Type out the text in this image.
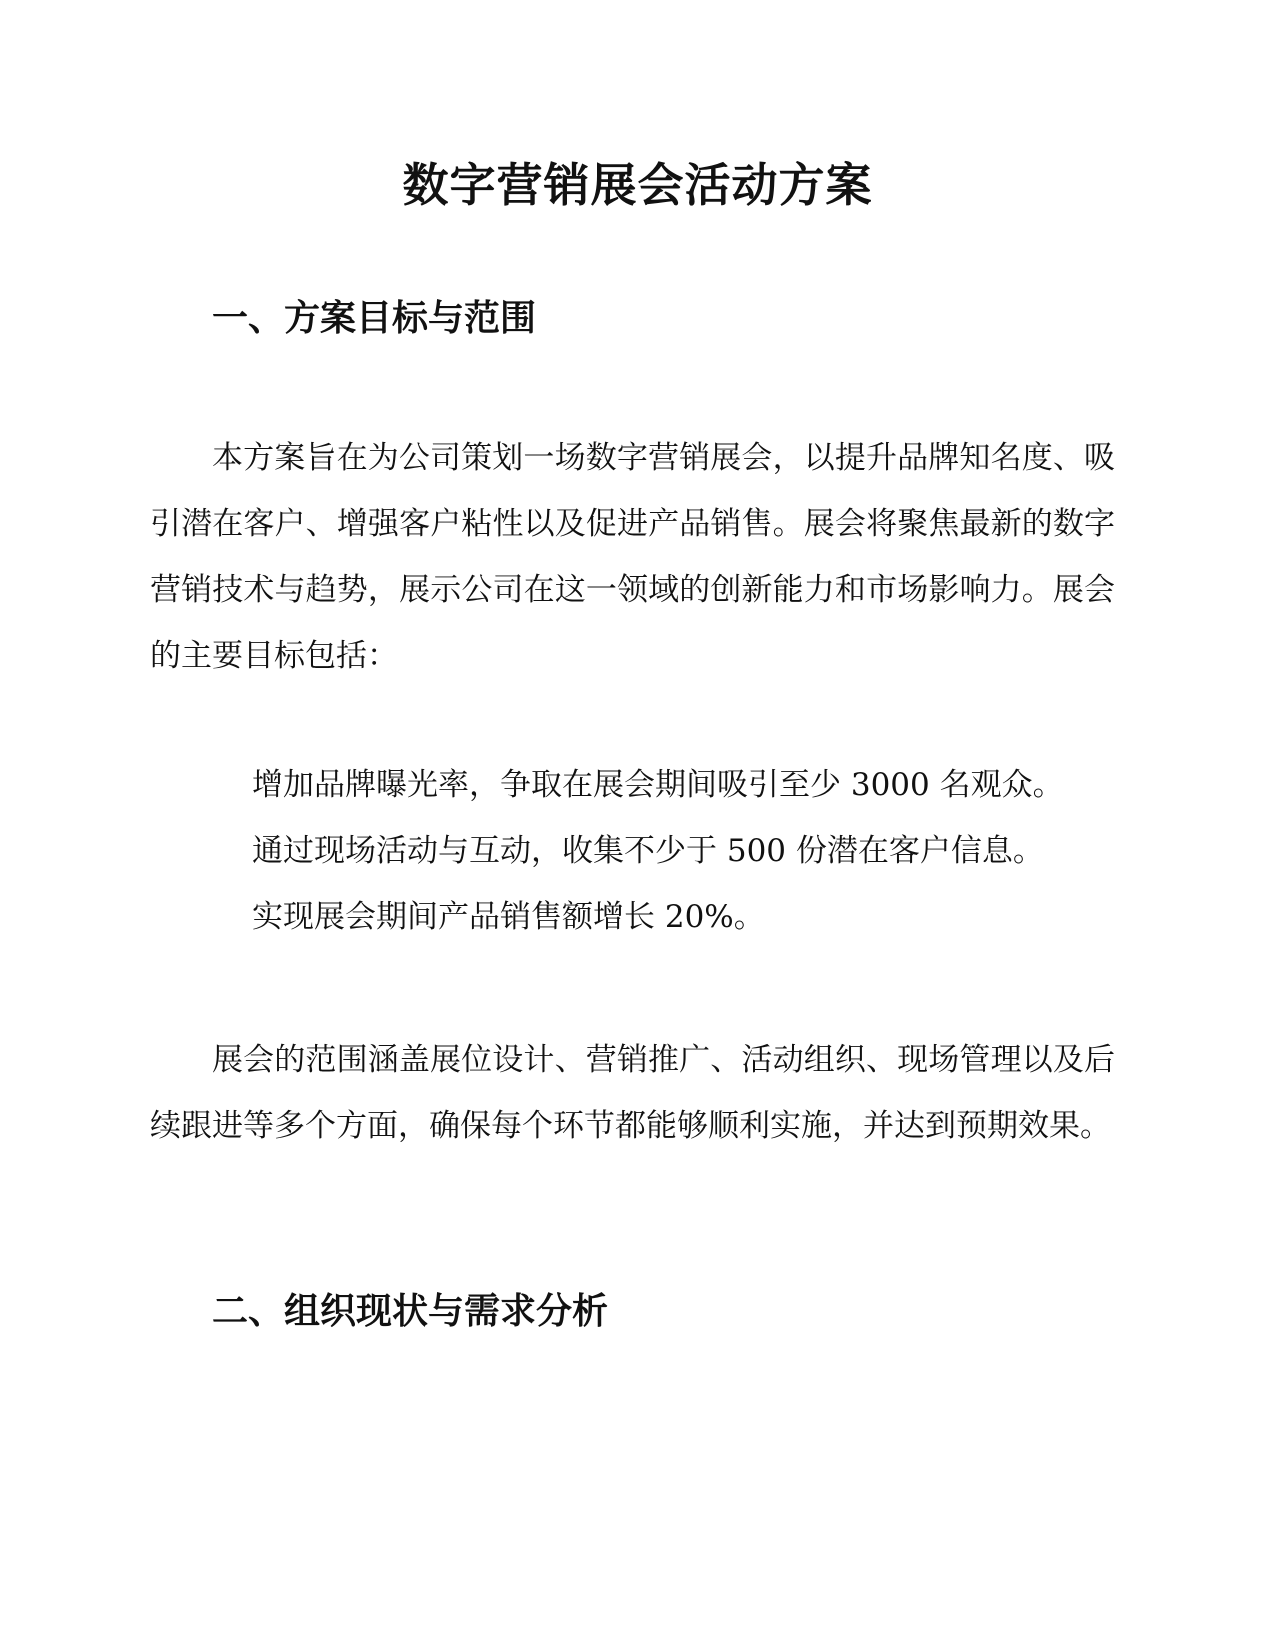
数字营销展会活动方案
一、方案目标与范围

本方案旨在为公司策划一场数字营销展会，以提升品牌知名度、吸引潜在客户、增强客户粘性以及促进产品销售。展会将聚焦最新的数字营销技术与趋势，展示公司在这一领域的创新能力和市场影响力。展会的主要目标包括：

增加品牌曝光率，争取在展会期间吸引至少 3000 名观众。
通过现场活动与互动，收集不少于 500 份潜在客户信息。
实现展会期间产品销售额增长 20%。

展会的范围涵盖展位设计、营销推广、活动组织、现场管理以及后续跟进等多个方面，确保每个环节都能够顺利实施，并达到预期效果。

二、组织现状与需求分析
